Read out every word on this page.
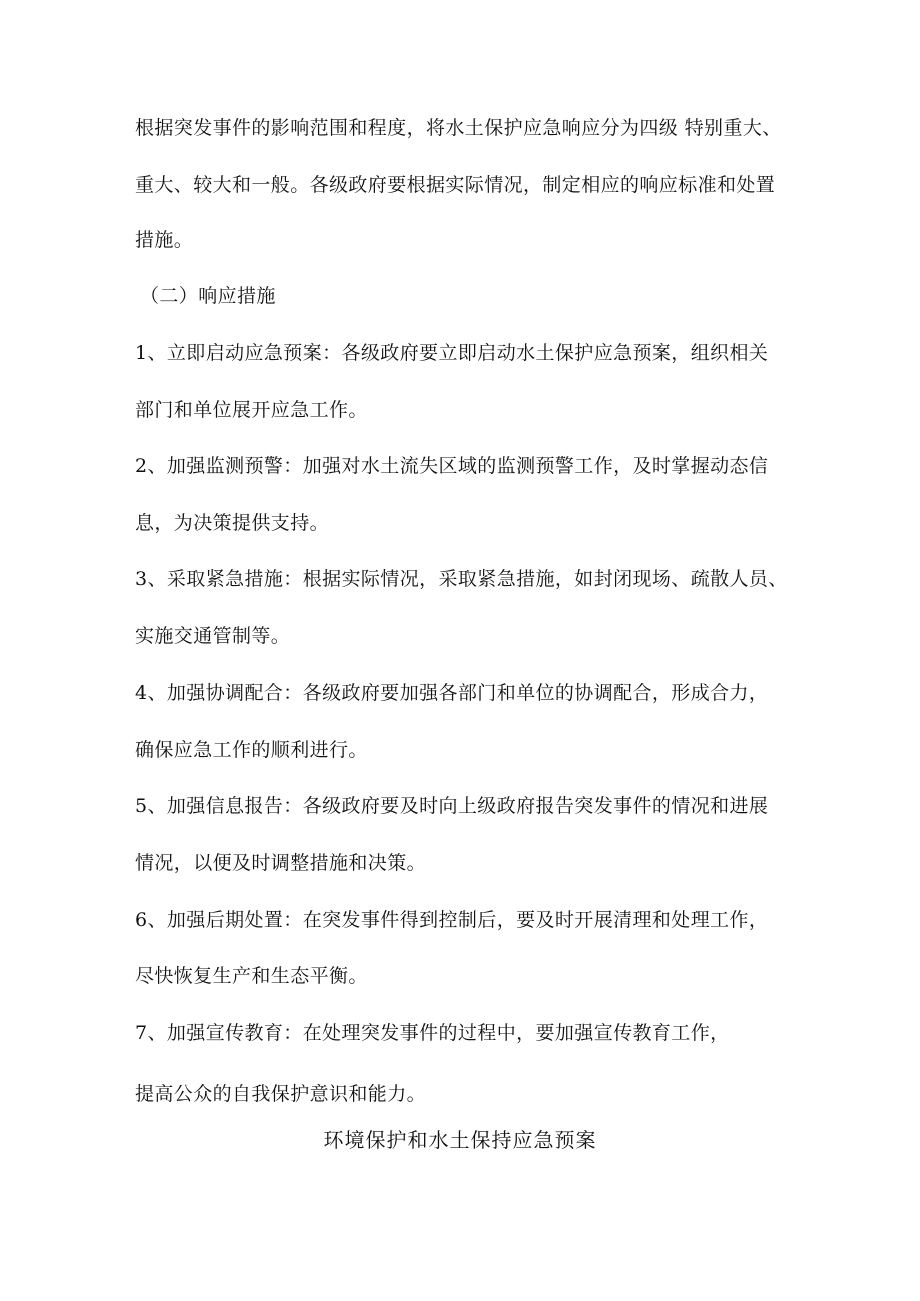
根据突发事件的影响范围和程度，将水土保护应急响应分为四级 特别重大、
重大、较大和一般。各级政府要根据实际情况，制定相应的响应标准和处置
措施。
（二）响应措施
1、立即启动应急预案：各级政府要立即启动水土保护应急预案，组织相关
部门和单位展开应急工作。
2、加强监测预警：加强对水土流失区域的监测预警工作，及时掌握动态信
息，为决策提供支持。
3、采取紧急措施：根据实际情况，采取紧急措施，如封闭现场、疏散人员、
实施交通管制等。
4、加强协调配合：各级政府要加强各部门和单位的协调配合，形成合力，
确保应急工作的顺利进行。
5、加强信息报告：各级政府要及时向上级政府报告突发事件的情况和进展
情况，以便及时调整措施和决策。
6、加强后期处置：在突发事件得到控制后，要及时开展清理和处理工作，
尽快恢复生产和生态平衡。
7、加强宣传教育：在处理突发事件的过程中，要加强宣传教育工作，
提高公众的自我保护意识和能力。
环境保护和水土保持应急预案
